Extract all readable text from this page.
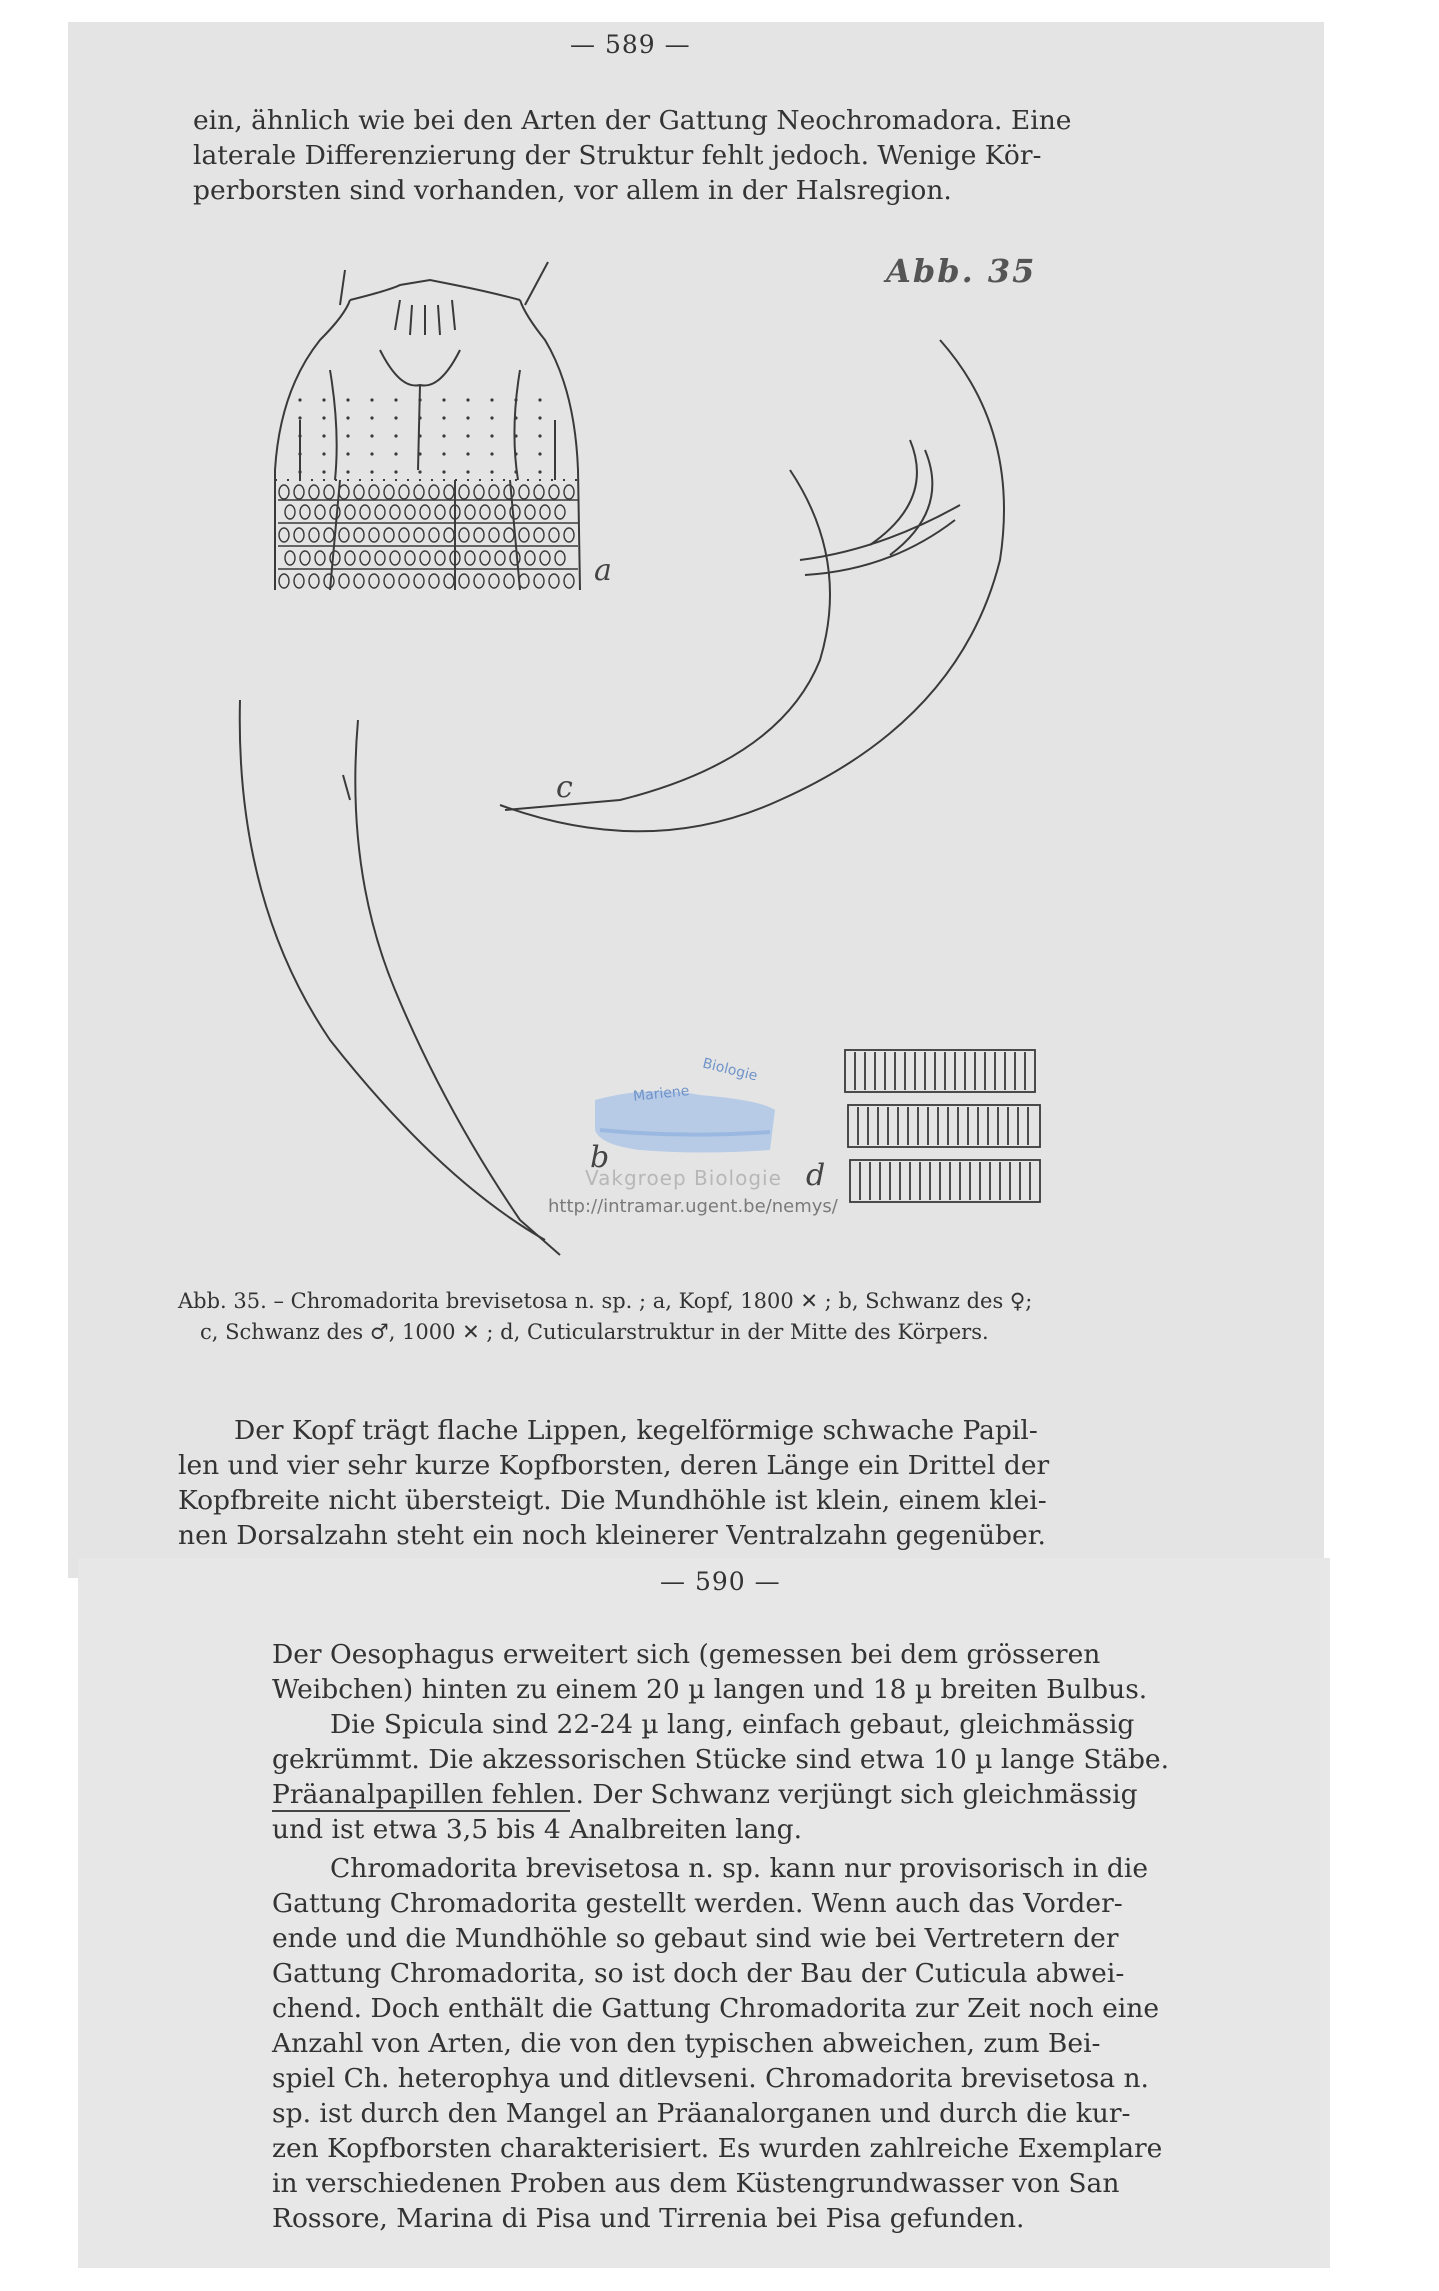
— 589 —
ein, ähnlich wie bei den Arten der Gattung Neochromadora. Eine
laterale Differenzierung der Struktur fehlt jedoch. Wenige Kör-
perborsten sind vorhanden, vor allem in der Halsregion.
Abb. 35
a
b
c
d
Biologie
Mariene
Vakgroep Biologie
http://intramar.ugent.be/nemys/
Abb. 35. – Chromadorita brevisetosa n. sp. ; a, Kopf, 1800 ✕ ; b, Schwanz des ♀;
c, Schwanz des ♂, 1000 ✕ ; d, Cuticularstruktur in der Mitte des Körpers.
Der Kopf trägt flache Lippen, kegelförmige schwache Papil-
len und vier sehr kurze Kopfborsten, deren Länge ein Drittel der
Kopfbreite nicht übersteigt. Die Mundhöhle ist klein, einem klei-
nen Dorsalzahn steht ein noch kleinerer Ventralzahn gegenüber.
— 590 —
Der Oesophagus erweitert sich (gemessen bei dem grösseren
Weibchen) hinten zu einem 20 µ langen und 18 µ breiten Bulbus.
Die Spicula sind 22-24 µ lang, einfach gebaut, gleichmässig
gekrümmt. Die akzessorischen Stücke sind etwa 10 µ lange Stäbe.
Präanalpapillen fehlen. Der Schwanz verjüngt sich gleichmässig
und ist etwa 3,5 bis 4 Analbreiten lang.
Chromadorita brevisetosa n. sp. kann nur provisorisch in die
Gattung Chromadorita gestellt werden. Wenn auch das Vorder-
ende und die Mundhöhle so gebaut sind wie bei Vertretern der
Gattung Chromadorita, so ist doch der Bau der Cuticula abwei-
chend. Doch enthält die Gattung Chromadorita zur Zeit noch eine
Anzahl von Arten, die von den typischen abweichen, zum Bei-
spiel Ch. heterophya und ditlevseni. Chromadorita brevisetosa n.
sp. ist durch den Mangel an Präanalorganen und durch die kur-
zen Kopfborsten charakterisiert. Es wurden zahlreiche Exemplare
in verschiedenen Proben aus dem Küstengrundwasser von San
Rossore, Marina di Pisa und Tirrenia bei Pisa gefunden.
